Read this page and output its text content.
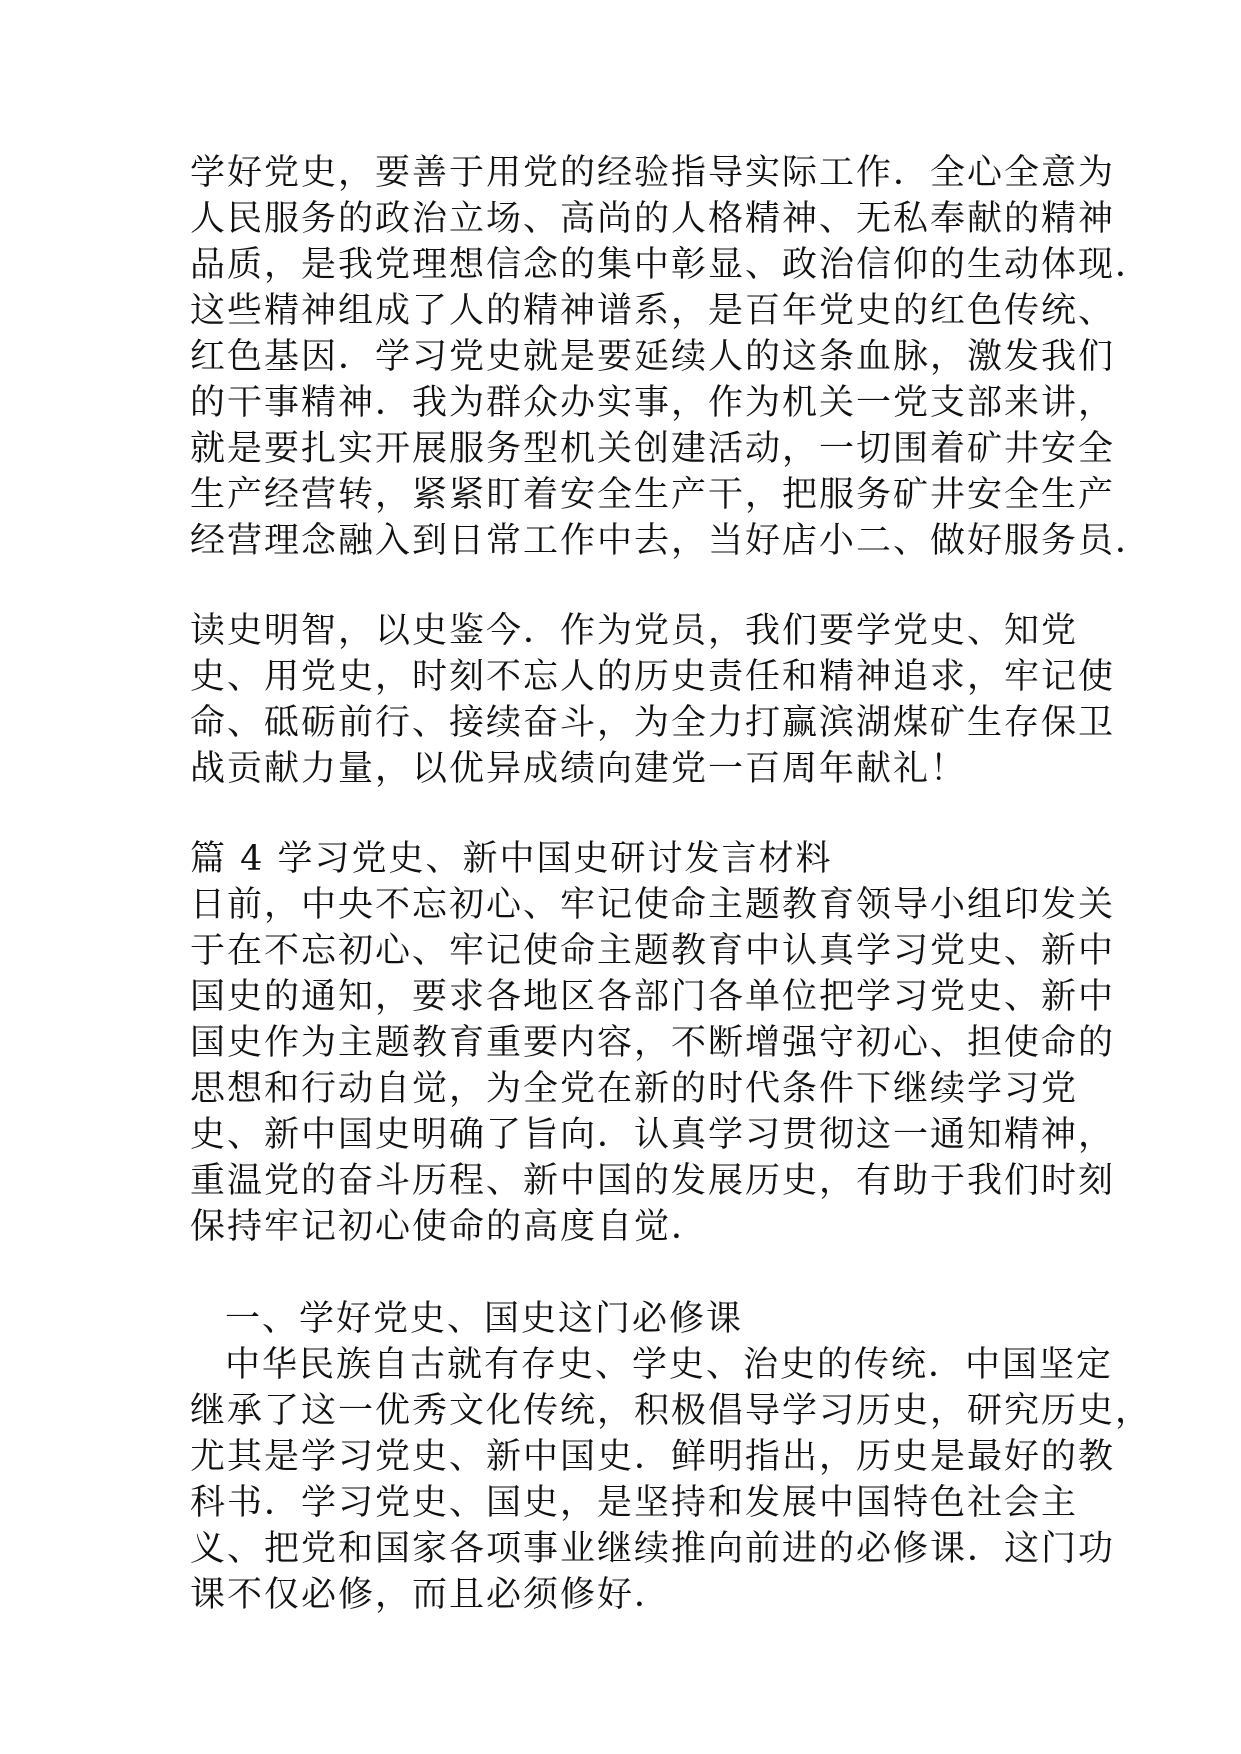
学好党史，要善于用党的经验指导实际工作．全心全意为
人民服务的政治立场、高尚的人格精神、无私奉献的精神
品质，是我党理想信念的集中彰显、政治信仰的生动体现．
这些精神组成了人的精神谱系，是百年党史的红色传统、
红色基因．学习党史就是要延续人的这条血脉，激发我们
的干事精神．我为群众办实事，作为机关一党支部来讲，
就是要扎实开展服务型机关创建活动，一切围着矿井安全
生产经营转，紧紧盯着安全生产干，把服务矿井安全生产
经营理念融入到日常工作中去，当好店小二、做好服务员．
读史明智，以史鉴今．作为党员，我们要学党史、知党
史、用党史，时刻不忘人的历史责任和精神追求，牢记使
命、砥砺前行、接续奋斗，为全力打赢滨湖煤矿生存保卫
战贡献力量，以优异成绩向建党一百周年献礼！
篇 4 学习党史、新中国史研讨发言材料
日前，中央不忘初心、牢记使命主题教育领导小组印发关
于在不忘初心、牢记使命主题教育中认真学习党史、新中
国史的通知，要求各地区各部门各单位把学习党史、新中
国史作为主题教育重要内容，不断增强守初心、担使命的
思想和行动自觉，为全党在新的时代条件下继续学习党
史、新中国史明确了旨向．认真学习贯彻这一通知精神，
重温党的奋斗历程、新中国的发展历史，有助于我们时刻
保持牢记初心使命的高度自觉．
一、学好党史、国史这门必修课
中华民族自古就有存史、学史、治史的传统．中国坚定
继承了这一优秀文化传统，积极倡导学习历史，研究历史，
尤其是学习党史、新中国史．鲜明指出，历史是最好的教
科书．学习党史、国史，是坚持和发展中国特色社会主
义、把党和国家各项事业继续推向前进的必修课．这门功
课不仅必修，而且必须修好．
